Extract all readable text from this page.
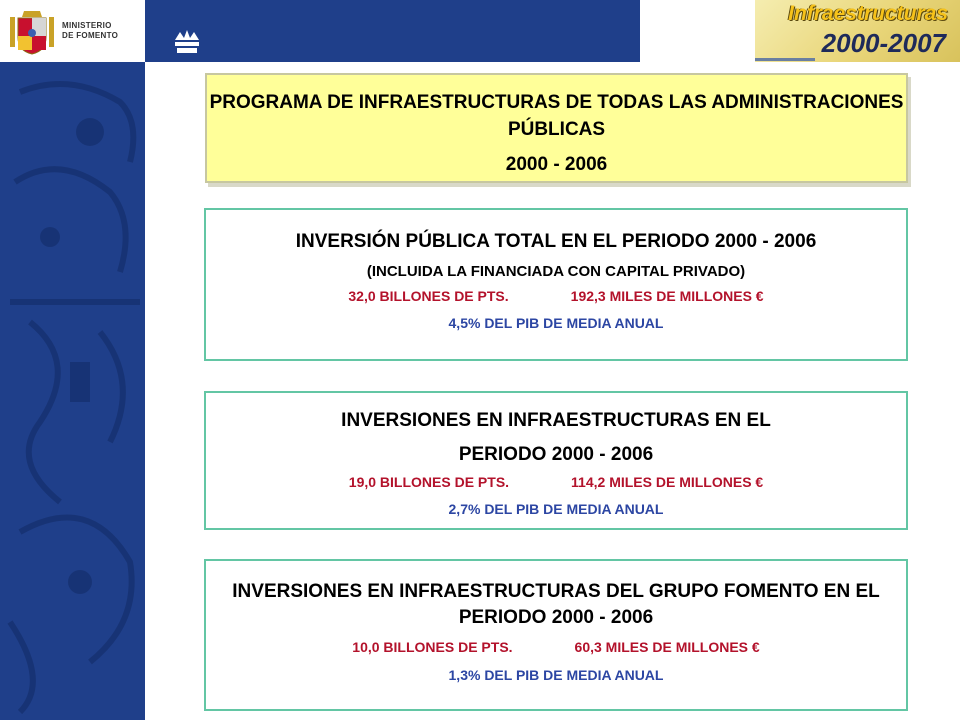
MINISTERIO
DE FOMENTO
Infraestructuras
2000-2007
PROGRAMA DE INFRAESTRUCTURAS DE TODAS LAS ADMINISTRACIONES PÚBLICAS
2000 - 2006
INVERSIÓN PÚBLICA TOTAL EN EL PERIODO 2000 - 2006
(INCLUIDA LA FINANCIADA CON CAPITAL PRIVADO)
32,0 BILLONES DE PTS.	192,3 MILES DE MILLONES €
4,5% DEL PIB DE MEDIA ANUAL
INVERSIONES EN INFRAESTRUCTURAS EN EL
PERIODO 2000 - 2006
19,0 BILLONES DE PTS.	114,2 MILES DE MILLONES €
2,7% DEL PIB DE MEDIA ANUAL
INVERSIONES EN INFRAESTRUCTURAS DEL GRUPO FOMENTO EN EL PERIODO 2000 - 2006
10,0 BILLONES DE PTS.	60,3 MILES DE MILLONES €
1,3% DEL PIB DE MEDIA ANUAL
